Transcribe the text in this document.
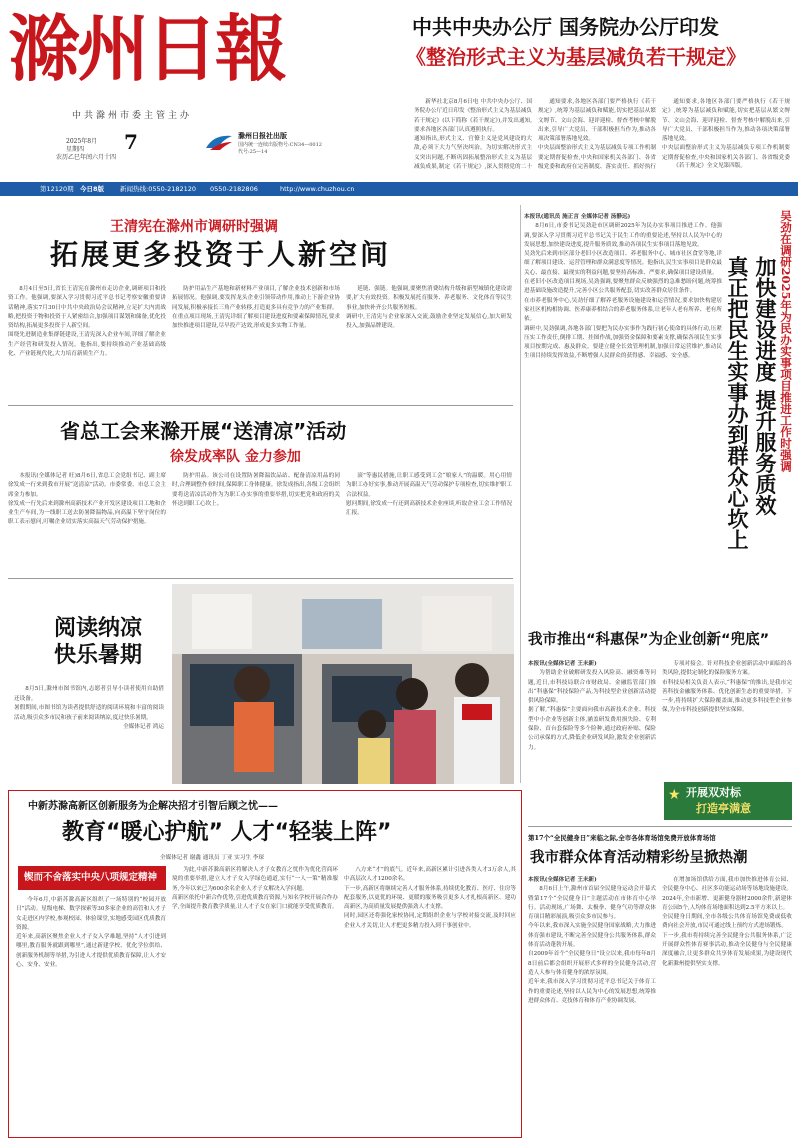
滁州日報
中共滁州市委主管主办
2025年8月 7
星期四
农历乙巳年闰六月十四
滁州日报社出版
国内统一连续出版物号:CN34—0012
代号:25—14
中共中央办公厅 国务院办公厅印发
《整治形式主义为基层减负若干规定》

新华社北京8月6日电 中共中央办公厅、国务院办公厅近日印发《整治形式主义为基层减负若干规定》(以下简称《若干规定》),并发出通知,要求各地区各部门认真遵照执行。
通知指出,形式主义、官僚主义是党风建设的大敌,必须下大力气坚决纠治。为切实解决形式主义突出问题,不断巩固拓展整治形式主义为基层减负成果,制定《若干规定》,深入贯彻党的二十

通知要求,各地区各部门要严格执行《若干规定》,统筹为基层减负和赋能,切实把基层从繁文缛节、文山会海、迎评迎检、督查考核中解脱出来,引导广大党员、干部积极担当作为,推动各项决策部署落地见效。
中央层面整治形式主义为基层减负专项工作机制要定期督促检查,中央和国家机关各部门、各省级党委和政府在完善制度、落实责任、抓好执行

通知要求,各地区各部门要严格执行《若干规定》,统筹为基层减负和赋能,切实把基层从繁文缛节、文山会海、迎评迎检、督查考核中解脱出来,引导广大党员、干部积极担当作为,推动各项决策部署落地见效。
中央层面整治形式主义为基层减负专项工作机制要定期督促检查,中央和国家机关各部门、各省级党委

《若干规定》全文见第四版。

第12120期 今日8版 新闻热线:0550-2182120 0550-2182806	http://www.chuzhou.cn
王清宪在滁州市调研时强调
拓展更多投资于人新空间

8月4日至5日,省长王清宪在滁州市走访企业,调研项目和投资工作。他强调,要深入学习贯彻习近平总书记考察安徽重要讲话精神,落实7月30日中共中央政治局会议精神,立足扩大内需战略,把投资于物和投资于人紧密结合,加强项目谋划和储备,优化投资结构,拓展更多投资于人新空间。
围绕先进制造业集群链建设,王清宪深入企业车间,详细了解企业生产经营和研发投入情况。他指出,要持续推动产业基础高级化、产业链现代化,大力培育新质生产力。

防护用品生产基地和新材料产业项目,了解企业技术创新和市场拓展情况。他强调,要发挥龙头企业引领带动作用,推动上下游企业协同发展,积极承接长三角产业转移,打造更多具有竞争力的产业集群。
在重点项目现场,王清宪详细了解项目建设进度和要素保障情况,要求加快推进项目建设,尽早投产达效,形成更多实物工作量。

延链、强链。他强调,要聚焦消费结构升级和新型城镇化建设需要,扩大有效投资。积极发展托育服务、养老服务、文化体育等民生事业,加快补齐公共服务短板。
调研中,王清宪与企业家深入交流,鼓励企业坚定发展信心,加大研发投入,加强品牌建设。

省总工会来滁开展“送清凉”活动
徐发成率队 金力参加

本报讯(全媒体记者 旺)8月6日,省总工会党组书记、副主席徐发成一行来到我市开展“送清凉”活动。市委常委、市总工会主席金力参加。
徐发成一行先后来到滁州高新技术产业开发区建设项目工地和企业生产车间,为一线职工送去防暑降温物品,向高温下坚守岗位的职工表示慰问,叮嘱企业切实落实高温天气劳动保护措施。

防护用品。该公司在设置防暑降温饮品站、配备清凉用品的同时,合理调整作业时间,保障职工身体健康。徐发成指出,各级工会组织要将送清凉活动作为为职工办实事的重要举措,切实把党和政府的关怀送到职工心坎上。

滚”等惠民措施,让职工感受到工会“娘家人”的温暖。用心用情为职工办好实事,推动开展高温天气劳动保护专项检查,切实维护职工合法权益。
慰问期间,徐发成一行还到高新技术企业座谈,听取企业工会工作情况汇报。

本报讯(通讯员 施正言 全媒体记者 汤静远)

8月6日,市委书记吴劲赴市区调研2025年为民办实事项目推进工作。他强调,要深入学习贯彻习近平总书记关于民生工作的重要论述,坚持以人民为中心的发展思想,加快建设进度,提升服务质效,推动各项民生实事项目落地见效。
吴劲先后来到市区部分老旧小区改造项目、养老服务中心、城市社区食堂等地,详细了解项目建设、运营管理和群众满意度等情况。他指出,民生实事项目是群众最关心、最直接、最现实的利益问题,要坚持高标准、严要求,确保项目建设质量。
在老旧小区改造项目现场,吴劲强调,要聚焦群众反映强烈的急难愁盼问题,统筹推进基础设施改造提升,完善小区公共服务配套,切实改善群众居住条件。
在市养老服务中心,吴劲仔细了解养老服务设施建设和运营情况,要求加快构建居家社区机构相协调、医养康养相结合的养老服务体系,让老年人老有所养、老有所依。
调研中,吴劲强调,各地各部门要把为民办实事作为践行初心使命的具体行动,压紧压实工作责任,倒排工期、挂图作战,加强资金保障和要素支撑,确保各项民生实事项目按期完成、惠及群众。要建立健全长效管理机制,加强日常运营维护,推动民生项目持续发挥效益,不断增强人民群众的获得感、幸福感、安全感。	吴劲在调研2025年为民办实事项目推进工作时强调
加快建设进度 提升服务质效
真正把民生实事办到群众心坎上
阅读纳凉
快乐暑期

8月5日,滁州市图书馆内,志愿者引导小读者使用自助借还设备。
暑假期间,市图书馆为读者提供舒适的阅读环境和丰富的阅读活动,吸引众多市民和孩子前来阅读纳凉,度过快乐暑期。

全媒体记者 鸿运

我市推出“科惠保”为企业创新“兜底”

本报讯(全媒体记者 王未新)

为帮助企业破解研发投入风险高、融资难等问题,近日,市科技局联合市财政局、金融监管部门推出“科惠保”科技保险产品,为科技型企业创新活动提供风险保障。
据了解,“科惠保”主要面向我市高新技术企业、科技型中小企业等创新主体,涵盖研发费用损失险、专利保险、首台套保险等多个险种,通过政府补贴、保险公司承保的方式,降低企业研发风险,激发企业创新活力。

专项对接会。针对科技企业创新活动中面临的各类风险,提供定制化的保险服务方案。
市科技局相关负责人表示,“科惠保”的推出,是我市完善科技金融服务体系、优化创新生态的重要举措。下一步,将持续扩大保险覆盖面,推动更多科技型企业参保,为全市科技创新提供坚实保障。

★ 开展双对标
打造亭满意
中新苏滁高新区创新服务为企解决招才引智后顾之忧——
教育“暖心护航” 人才“轻装上阵”
全媒体记者 谢鑫 通讯员 丁亚 实习生 李琛
锲而不舍落实中央八项规定精神

今年6月,中新苏滁高新区组织了一场特别的“校园开放日”活动。星级电梯、数学探索等30多家企业的高管和人才子女走进区内学校,参观校园、体验课堂,实地感受园区优质教育资源。
近年来,高新区聚焦企业人才子女入学难题,坚持“人才引进到哪里,教育服务就跟到哪里”,通过新建学校、优化学位供给、创新服务机制等举措,为引进人才提供优质教育保障,让人才安心、安身、安业。

为此,中新苏滁高新区将解决人才子女教育之忧作为优化营商环境的重要举措,建立人才子女入学绿色通道,实行“一人一策”精准服务,今年以来已为600余名企业人才子女解决入学问题。
高新区依托中新合作优势,引进优质教育资源,与知名学校开展合作办学,全面提升教育教学质量,让人才子女在家门口就能享受优质教育。

八方来“才”的底气。近年来,高新区累计引进各类人才3万余人,其中高层次人才1200余名。
下一步,高新区将继续完善人才服务体系,持续优化教育、医疗、住房等配套服务,以更优的环境、更暖的服务吸引更多人才扎根高新区、建功高新区,为高质量发展提供强劲人才支撑。
同时,园区还将强化家校协同,定期组织企业与学校对接交流,及时回应企业人才关切,让人才把更多精力投入到干事创业中。

第17个“全民健身日”来临之际,全市各体育场馆免费开放体育场馆
我市群众体育活动精彩纷呈掀热潮

本报讯(全媒体记者 王未新)

8月6日上午,滁州市首届全民健身运动会开幕式暨第17个“全民健身日”主题活动在市体育中心举行。活动现场,广场舞、太极拳、健身气功等群众体育项目精彩展演,吸引众多市民参与。
今年以来,我市深入实施全民健身国家战略,大力推进体育强市建设,不断完善全民健身公共服务体系,群众体育活动蓬勃开展。
自2009年首个“全民健身日”设立以来,我市每年8月8日前后都会组织开展形式多样的全民健身活动,营造人人参与体育健身的浓厚氛围。
近年来,我市深入学习贯彻习近平总书记关于体育工作的重要论述,坚持以人民为中心的发展思想,统筹推进群众体育、竞技体育和体育产业协调发展。

在增加场馆供给方面,我市加快推进体育公园、全民健身中心、社区多功能运动场等场地设施建设。2024年,全市新增、更新健身器材2000余件,新建体育公园5个,人均体育场地面积达到2.5平方米以上。
全民健身日期间,全市各级公共体育场馆免费或低收费向社会开放,市民可通过线上预约方式进场锻炼。
下一步,我市将持续完善全民健身公共服务体系,广泛开展群众性体育赛事活动,推动全民健身与全民健康深度融合,让更多群众共享体育发展成果,为建设现代化新滁州提供坚实支撑。
